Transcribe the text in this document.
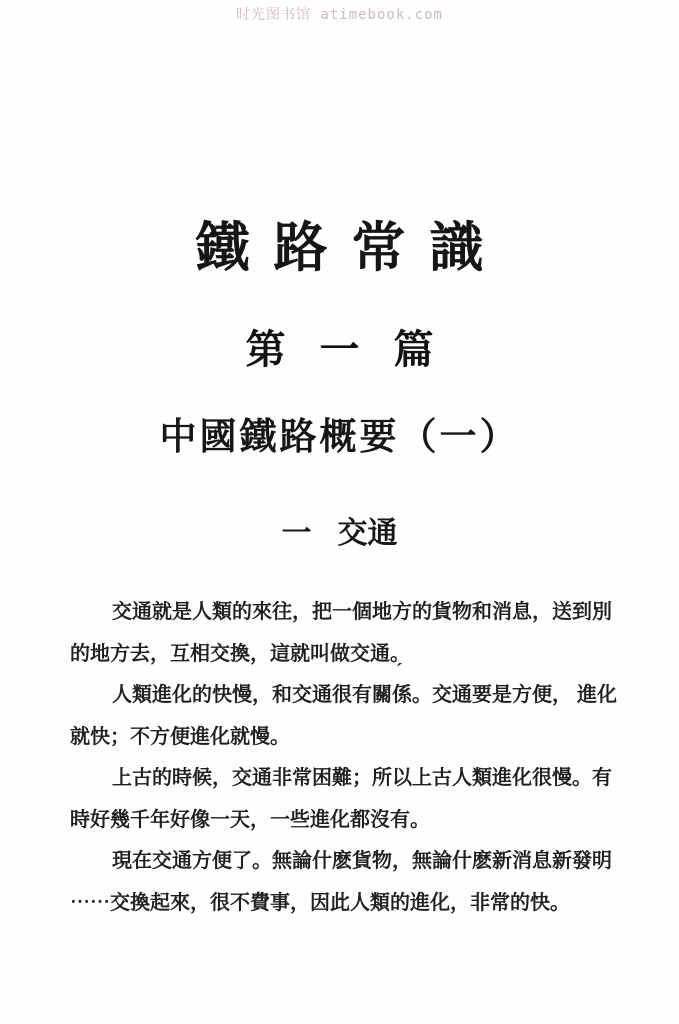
时光图书馆 atimebook.com
鐵路常識
第一篇
中國鐵路概要（一）
一 交通
交通就是人類的來往，把一個地方的貨物和消息，送到別
的地方去，互相交換，這就叫做交通。
人類進化的快慢，和交通很有關係。交通要是方便， 進化
就快；不方便進化就慢。
上古的時候，交通非常困難；所以上古人類進化很慢。有
時好幾千年好像一天，一些進化都沒有。
現在交通方便了。無論什麽貨物，無論什麽新消息新發明
⋯⋯交換起來，很不費事，因此人類的進化，非常的快。
´
